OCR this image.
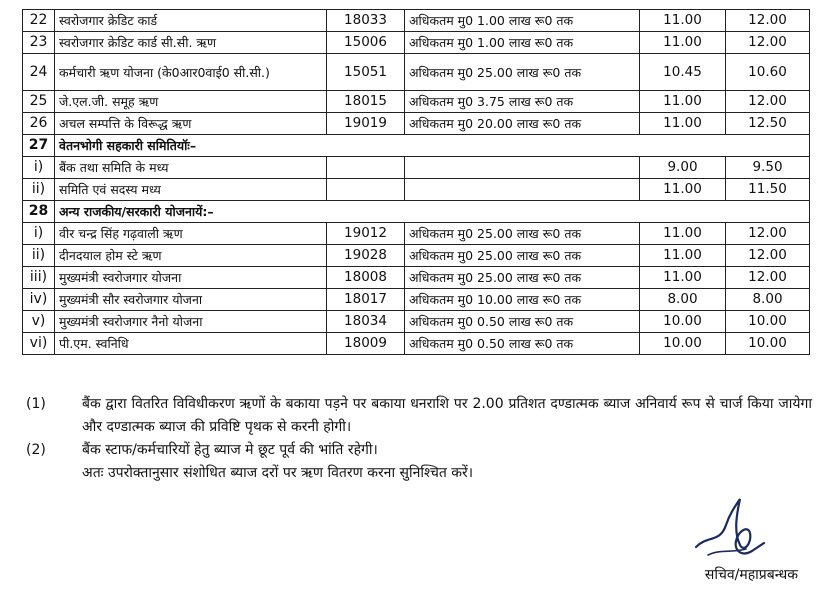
22	स्वरोजगार क्रेडिट कार्ड	18033	अधिकतम मु0 1.00 लाख रू0 तक	11.00	12.00
23	स्वरोजगार क्रेडिट कार्ड सी.सी. ऋण	15006	अधिकतम मु0 1.00 लाख रू0 तक	11.00	12.00
24	कर्मचारी ऋण योजना (के0आर0वाई0 सी.सी.)	15051	अधिकतम मु0 25.00 लाख रू0 तक	10.45	10.60
25	जे.एल.जी. समूह ऋण	18015	अधिकतम मु0 3.75 लाख रू0 तक	11.00	12.00
26	अचल सम्पत्ति के विरूद्ध ऋण	19019	अधिकतम मु0 20.00 लाख रू0 तक	11.00	12.50
27	वेतनभोगी सहकारी समितियॉः–				
i)	बैंक तथा समिति के मध्य			9.00	9.50
ii)	समिति एवं सदस्य मध्य			11.00	11.50
28	अन्य राजकीय/सरकारी योजनायें:–				
i)	वीर चन्द्र सिंह गढ़वाली ऋण	19012	अधिकतम मु0 25.00 लाख रू0 तक	11.00	12.00
ii)	दीनदयाल होम स्टे ऋण	19028	अधिकतम मु0 25.00 लाख रू0 तक	11.00	12.00
iii)	मुख्यमंत्री स्वरोजगार योजना	18008	अधिकतम मु0 25.00 लाख रू0 तक	11.00	12.00
iv)	मुख्यमंत्री सौर स्वरोजगार योजना	18017	अधिकतम मु0 10.00 लाख रू0 तक	8.00	8.00
v)	मुख्यमंत्री स्वरोजगार नैनो योजना	18034	अधिकतम मु0 0.50 लाख रू0 तक	10.00	10.00
vi)	पी.एम. स्वनिधि	18009	अधिकतम मु0 0.50 लाख रू0 तक	10.00	10.00
(1)	बैंक द्वारा वितरित विविधीकरण ऋणों के बकाया पड़ने पर बकाया धनराशि पर 2.00 प्रतिशत दण्डात्मक ब्याज अनिवार्य रूप से चार्ज किया जायेगा और दण्डात्मक ब्याज की प्रविष्टि पृथक से करनी होगी।
(2)	बैंक स्टाफ/कर्मचारियों हेतु ब्याज मे छूट पूर्व की भांति रहेगी।
अतः उपरोक्तानुसार संशोधित ब्याज दरों पर ऋण वितरण करना सुनिश्चित करें।
सचिव/महाप्रबन्धक
